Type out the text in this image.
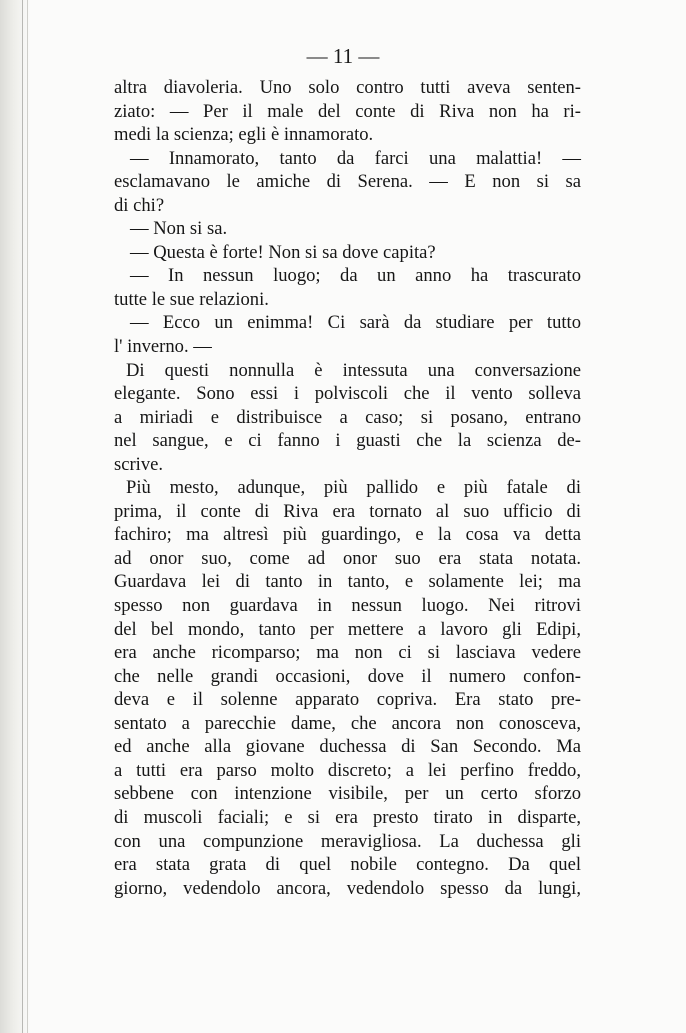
— 11 —

altra diavoleria. Uno solo contro tutti aveva senten-
ziato: — Per il male del conte di Riva non ha ri-
medi la scienza; egli è innamorato.
— Innamorato, tanto da farci una malattia! —
esclamavano le amiche di Serena. — E non si sa
di chi?
— Non si sa.
— Questa è forte! Non si sa dove capita?
— In nessun luogo; da un anno ha trascurato
tutte le sue relazioni.
— Ecco un enimma! Ci sarà da studiare per tutto
l' inverno. —
Di questi nonnulla è intessuta una conversazione
elegante. Sono essi i polviscoli che il vento solleva
a miriadi e distribuisce a caso; si posano, entrano
nel sangue, e ci fanno i guasti che la scienza de-
scrive.
Più mesto, adunque, più pallido e più fatale di
prima, il conte di Riva era tornato al suo ufficio di
fachiro; ma altresì più guardingo, e la cosa va detta
ad onor suo, come ad onor suo era stata notata.
Guardava lei di tanto in tanto, e solamente lei; ma
spesso non guardava in nessun luogo. Nei ritrovi
del bel mondo, tanto per mettere a lavoro gli Edipi,
era anche ricomparso; ma non ci si lasciava vedere
che nelle grandi occasioni, dove il numero confon-
deva e il solenne apparato copriva. Era stato pre-
sentato a parecchie dame, che ancora non conosceva,
ed anche alla giovane duchessa di San Secondo. Ma
a tutti era parso molto discreto; a lei perfino freddo,
sebbene con intenzione visibile, per un certo sforzo
di muscoli faciali; e si era presto tirato in disparte,
con una compunzione meravigliosa. La duchessa gli
era stata grata di quel nobile contegno. Da quel
giorno, vedendolo ancora, vedendolo spesso da lungi,
